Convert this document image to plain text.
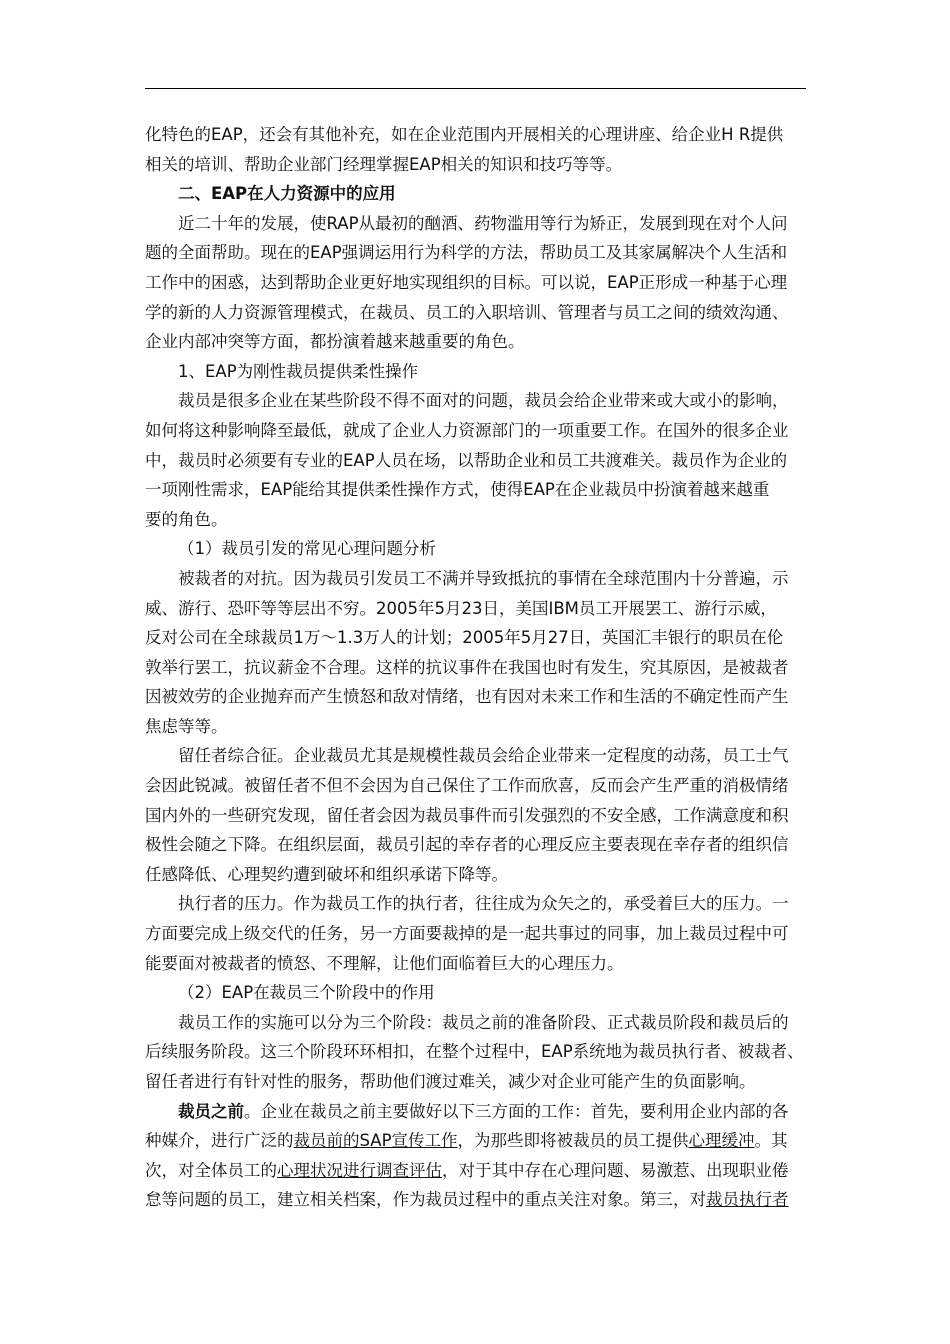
化特色的EAP，还会有其他补充，如在企业范围内开展相关的心理讲座、给企业H R提供
相关的培训、帮助企业部门经理掌握EAP相关的知识和技巧等等。
二、EAP在人力资源中的应用
近二十年的发展，使RAP从最初的酗酒、药物滥用等行为矫正，发展到现在对个人问
题的全面帮助。现在的EAP强调运用行为科学的方法，帮助员工及其家属解决个人生活和
工作中的困惑，达到帮助企业更好地实现组织的目标。可以说，EAP正形成一种基于心理
学的新的人力资源管理模式，在裁员、员工的入职培训、管理者与员工之间的绩效沟通、
企业内部冲突等方面，都扮演着越来越重要的角色。
1、EAP为刚性裁员提供柔性操作
裁员是很多企业在某些阶段不得不面对的问题，裁员会给企业带来或大或小的影响，
如何将这种影响降至最低，就成了企业人力资源部门的一项重要工作。在国外的很多企业
中，裁员时必须要有专业的EAP人员在场，以帮助企业和员工共渡难关。裁员作为企业的
一项刚性需求，EAP能给其提供柔性操作方式，使得EAP在企业裁员中扮演着越来越重
要的角色。
（1）裁员引发的常见心理问题分析
被裁者的对抗。因为裁员引发员工不满并导致抵抗的事情在全球范围内十分普遍，示
威、游行、恐吓等等层出不穷。2005年5月23日，美国IBM员工开展罢工、游行示威，
反对公司在全球裁员1万～1.3万人的计划；2005年5月27日，英国汇丰银行的职员在伦
敦举行罢工，抗议薪金不合理。这样的抗议事件在我国也时有发生，究其原因，是被裁者
因被效劳的企业抛弃而产生愤怒和敌对情绪，也有因对未来工作和生活的不确定性而产生
焦虑等等。
留任者综合征。企业裁员尤其是规模性裁员会给企业带来一定程度的动荡，员工士气
会因此锐减。被留任者不但不会因为自己保住了工作而欣喜，反而会产生严重的消极情绪
国内外的一些研究发现，留任者会因为裁员事件而引发强烈的不安全感，工作满意度和积
极性会随之下降。在组织层面，裁员引起的幸存者的心理反应主要表现在幸存者的组织信
任感降低、心理契约遭到破坏和组织承诺下降等。
执行者的压力。作为裁员工作的执行者，往往成为众矢之的，承受着巨大的压力。一
方面要完成上级交代的任务，另一方面要裁掉的是一起共事过的同事，加上裁员过程中可
能要面对被裁者的愤怒、不理解，让他们面临着巨大的心理压力。
（2）EAP在裁员三个阶段中的作用
裁员工作的实施可以分为三个阶段：裁员之前的准备阶段、正式裁员阶段和裁员后的
后续服务阶段。这三个阶段环环相扣，在整个过程中，EAP系统地为裁员执行者、被裁者、
留任者进行有针对性的服务，帮助他们渡过难关，减少对企业可能产生的负面影响。
裁员之前。企业在裁员之前主要做好以下三方面的工作：首先，要利用企业内部的各
种媒介，进行广泛的裁员前的SAP宣传工作，为那些即将被裁员的员工提供心理缓冲。其
次，对全体员工的心理状况进行调查评估，对于其中存在心理问题、易激惹、出现职业倦
怠等问题的员工，建立相关档案，作为裁员过程中的重点关注对象。第三，对裁员执行者
